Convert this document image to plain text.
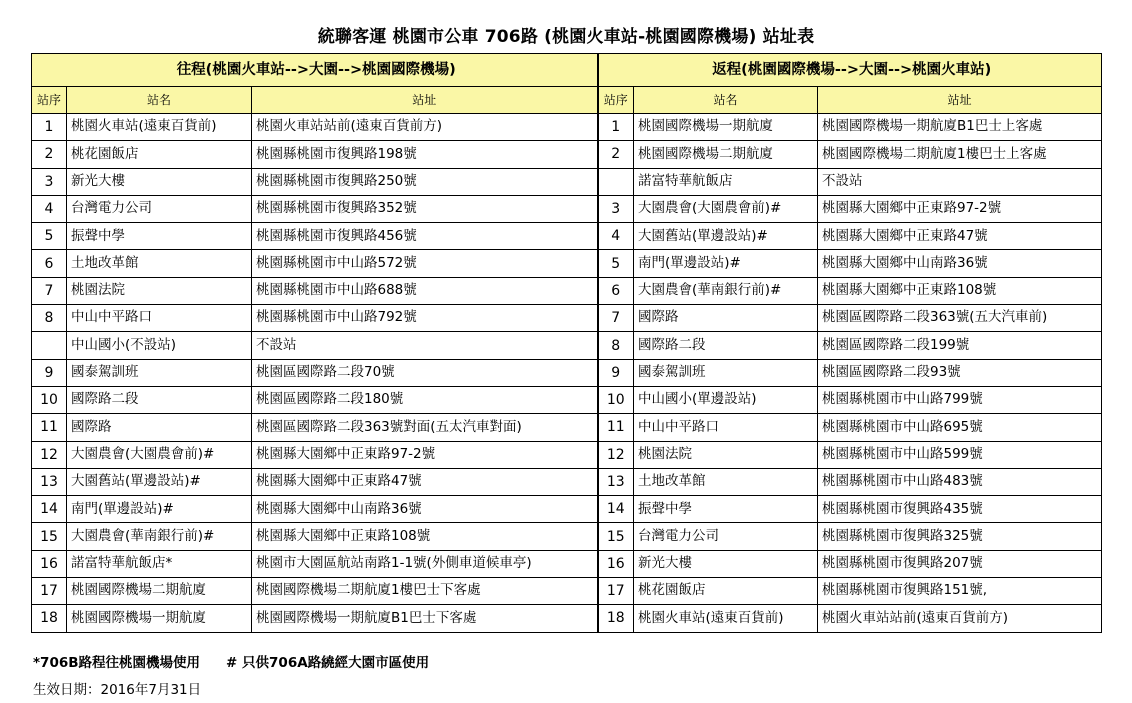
統聯客運 桃園市公車 706路 (桃園火車站-桃園國際機場) 站址表
往程(桃園火車站-->大園-->桃園國際機場)			返程(桃園國際機場-->大園-->桃園火車站)		
站序	站名	站址	站序	站名	站址
1	桃園火車站(遠東百貨前)	桃園火車站站前(遠東百貨前方)	1	桃園國際機場一期航廈	桃園國際機場一期航廈B1巴士上客處
2	桃花園飯店	桃園縣桃園市復興路198號	2	桃園國際機場二期航廈	桃園國際機場二期航廈1樓巴士上客處
3	新光大樓	桃園縣桃園市復興路250號		諾富特華航飯店	不設站
4	台灣電力公司	桃園縣桃園市復興路352號	3	大園農會(大園農會前)#	桃園縣大園鄉中正東路97-2號
5	振聲中學	桃園縣桃園市復興路456號	4	大園舊站(單邊設站)#	桃園縣大園鄉中正東路47號
6	土地改革館	桃園縣桃園市中山路572號	5	南門(單邊設站)#	桃園縣大園鄉中山南路36號
7	桃園法院	桃園縣桃園市中山路688號	6	大園農會(華南銀行前)#	桃園縣大園鄉中正東路108號
8	中山中平路口	桃園縣桃園市中山路792號	7	國際路	桃園區國際路二段363號(五大汽車前)
	中山國小(不設站)	不設站	8	國際路二段	桃園區國際路二段199號
9	國泰駕訓班	桃園區國際路二段70號	9	國泰駕訓班	桃園區國際路二段93號
10	國際路二段	桃園區國際路二段180號	10	中山國小(單邊設站)	桃園縣桃園市中山路799號
11	國際路	桃園區國際路二段363號對面(五太汽車對面)	11	中山中平路口	桃園縣桃園市中山路695號
12	大園農會(大園農會前)#	桃園縣大園鄉中正東路97-2號	12	桃園法院	桃園縣桃園市中山路599號
13	大園舊站(單邊設站)#	桃園縣大園鄉中正東路47號	13	土地改革館	桃園縣桃園市中山路483號
14	南門(單邊設站)#	桃園縣大園鄉中山南路36號	14	振聲中學	桃園縣桃園市復興路435號
15	大園農會(華南銀行前)#	桃園縣大園鄉中正東路108號	15	台灣電力公司	桃園縣桃園市復興路325號
16	諾富特華航飯店*	桃園市大園區航站南路1-1號(外側車道候車亭)	16	新光大樓	桃園縣桃園市復興路207號
17	桃園國際機場二期航廈	桃園國際機場二期航廈1樓巴士下客處	17	桃花園飯店	桃園縣桃園市復興路151號,
18	桃園國際機場一期航廈	桃園國際機場一期航廈B1巴士下客處	18	桃園火車站(遠東百貨前)	桃園火車站站前(遠東百貨前方)
*706B路程往桃園機場使用 # 只供706A路繞經大園市區使用
生效日期：2016年7月31日
